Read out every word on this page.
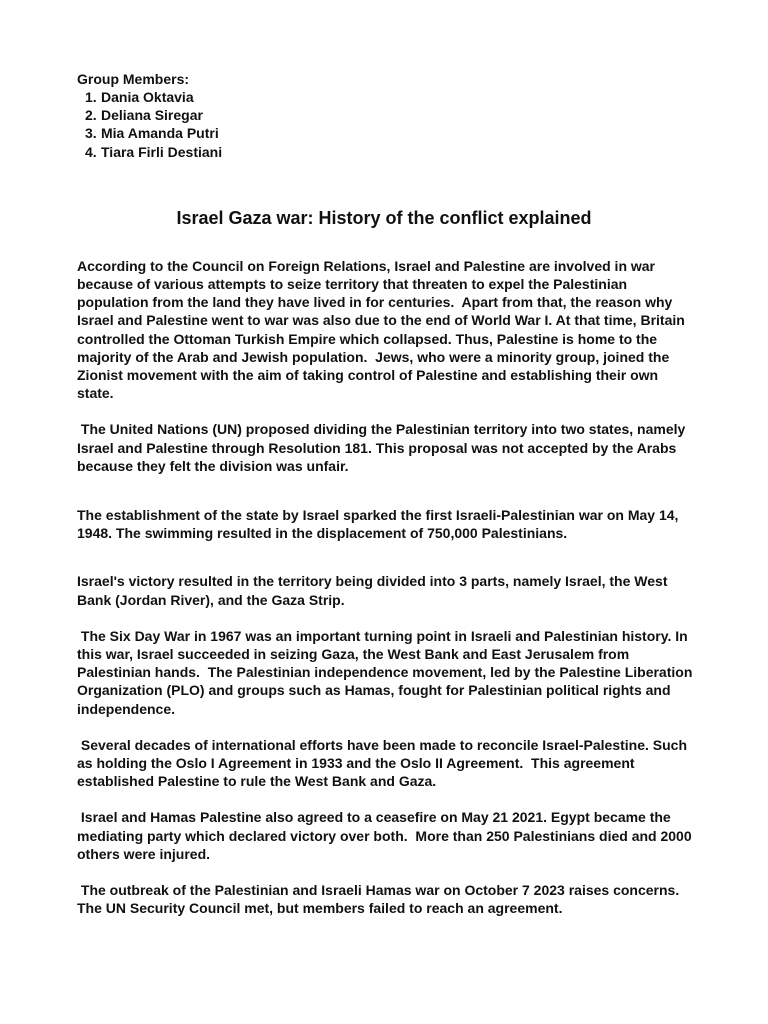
Group Members:

1. Dania Oktavia
2. Deliana Siregar
3. Mia Amanda Putri
4. Tiara Firli Destiani
Israel Gaza war: History of the conflict explained

According to the Council on Foreign Relations, Israel and Palestine are involved in war because of various attempts to seize territory that threaten to expel the Palestinian population from the land they have lived in for centuries.  Apart from that, the reason why Israel and Palestine went to war was also due to the end of World War I. At that time, Britain controlled the Ottoman Turkish Empire which collapsed. Thus, Palestine is home to the majority of the Arab and Jewish population.  Jews, who were a minority group, joined the Zionist movement with the aim of taking control of Palestine and establishing their own state.

The United Nations (UN) proposed dividing the Palestinian territory into two states, namely Israel and Palestine through Resolution 181. This proposal was not accepted by the Arabs because they felt the division was unfair.

The establishment of the state by Israel sparked the first Israeli-Palestinian war on May 14, 1948. The swimming resulted in the displacement of 750,000 Palestinians.

Israel's victory resulted in the territory being divided into 3 parts, namely Israel, the West Bank (Jordan River), and the Gaza Strip.

The Six Day War in 1967 was an important turning point in Israeli and Palestinian history. In this war, Israel succeeded in seizing Gaza, the West Bank and East Jerusalem from Palestinian hands.  The Palestinian independence movement, led by the Palestine Liberation Organization (PLO) and groups such as Hamas, fought for Palestinian political rights and independence.

Several decades of international efforts have been made to reconcile Israel-Palestine. Such as holding the Oslo I Agreement in 1933 and the Oslo II Agreement.  This agreement established Palestine to rule the West Bank and Gaza.

Israel and Hamas Palestine also agreed to a ceasefire on May 21 2021. Egypt became the mediating party which declared victory over both.  More than 250 Palestinians died and 2000 others were injured.

The outbreak of the Palestinian and Israeli Hamas war on October 7 2023 raises concerns.  The UN Security Council met, but members failed to reach an agreement.
